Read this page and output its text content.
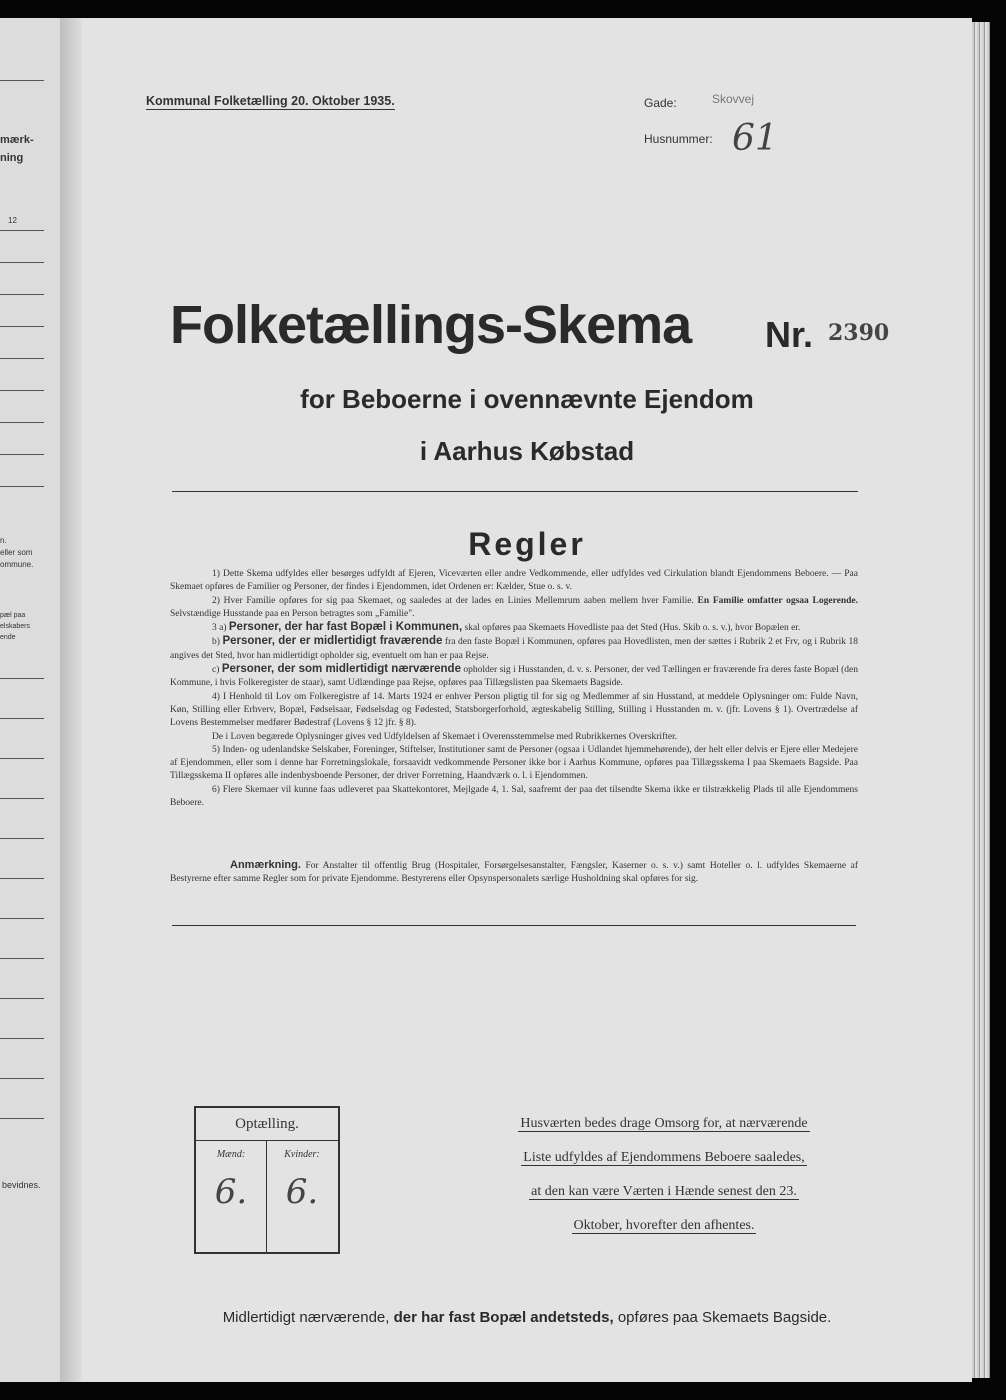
mærk-
ning
12
n.
eller som
ommune.
pæl paa
elskabers
ende
bevidnes.
Kommunal Folketælling 20. Oktober 1935.	Gade:	Skovvej
Husnummer: 61
Folketællings-Skema Nr. 2390
for Beboerne i ovennævnte Ejendom
i Aarhus Købstad
Regler

1) Dette Skema udfyldes eller besørges udfyldt af Ejeren, Viceværten eller andre Vedkommende, eller udfyldes ved Cirkulation blandt Ejendommens Beboere. — Paa Skemaet opføres de Familier og Personer, der findes i Ejendommen, idet Ordenen er: Kælder, Stue o. s. v.

2) Hver Familie opføres for sig paa Skemaet, og saaledes at der lades en Linies Mellemrum aaben mellem hver Familie. En Familie omfatter ogsaa Logerende. Selvstændige Husstande paa en Person betragtes som „Familie".

3 a) Personer, der har fast Bopæl i Kommunen, skal opføres paa Skemaets Hovedliste paa det Sted (Hus. Skib o. s. v.), hvor Bopælen er.

b) Personer, der er midlertidigt fraværende fra den faste Bopæl i Kommunen, opføres paa Hovedlisten, men der sættes i Rubrik 2 et Frv, og i Rubrik 18 angives det Sted, hvor han midlertidigt opholder sig, eventuelt om han er paa Rejse.

c) Personer, der som midlertidigt nærværende opholder sig i Husstanden, d. v. s. Personer, der ved Tællingen er fraværende fra deres faste Bopæl (den Kommune, i hvis Folkeregister de staar), samt Udlændinge paa Rejse, opføres paa Tillægslisten paa Skemaets Bagside.

4) I Henhold til Lov om Folkeregistre af 14. Marts 1924 er enhver Person pligtig til for sig og Medlemmer af sin Husstand, at meddele Oplysninger om: Fulde Navn, Køn, Stilling eller Erhverv, Bopæl, Fødselsaar, Fødselsdag og Fødested, Statsborgerforhold, ægteskabelig Stilling, Stilling i Husstanden m. v. (jfr. Lovens § 1). Overtrædelse af Lovens Bestemmelser medfører Bødestraf (Lovens § 12 jfr. § 8).

De i Loven begærede Oplysninger gives ved Udfyldelsen af Skemaet i Overensstemmelse med Rubrikkernes Overskrifter.

5) Inden- og udenlandske Selskaber, Foreninger, Stiftelser, Institutioner samt de Personer (ogsaa i Udlandet hjemmehørende), der helt eller delvis er Ejere eller Medejere af Ejendommen, eller som i denne har Forretningslokale, forsaavidt vedkommende Personer ikke bor i Aarhus Kommune, opføres paa Tillægsskema I paa Skemaets Bagside. Paa Tillægsskema II opføres alle indenbysboende Personer, der driver Forretning, Haandværk o. l. i Ejendommen.

6) Flere Skemaer vil kunne faas udleveret paa Skattekontoret, Mejlgade 4, 1. Sal, saafremt der paa det tilsendte Skema ikke er tilstrækkelig Plads til alle Ejendommens Beboere.

Anmærkning. For Anstalter til offentlig Brug (Hospitaler, Forsørgelsesanstalter, Fængsler, Kaserner o. s. v.) samt Hoteller o. l. udfyldes Skemaerne af Bestyrerne efter samme Regler som for private Ejendomme. Bestyrerens eller Opsynspersonalets særlige Husholdning skal opføres for sig.
Optælling.
Mænd:
6.
Kvinder:
6.
Husværten bedes drage Omsorg for, at nærværende
Liste udfyldes af Ejendommens Beboere saaledes,
at den kan være Værten i Hænde senest den 23.
Oktober, hvorefter den afhentes.
Midlertidigt nærværende, der har fast Bopæl andetsteds, opføres paa Skemaets Bagside.
